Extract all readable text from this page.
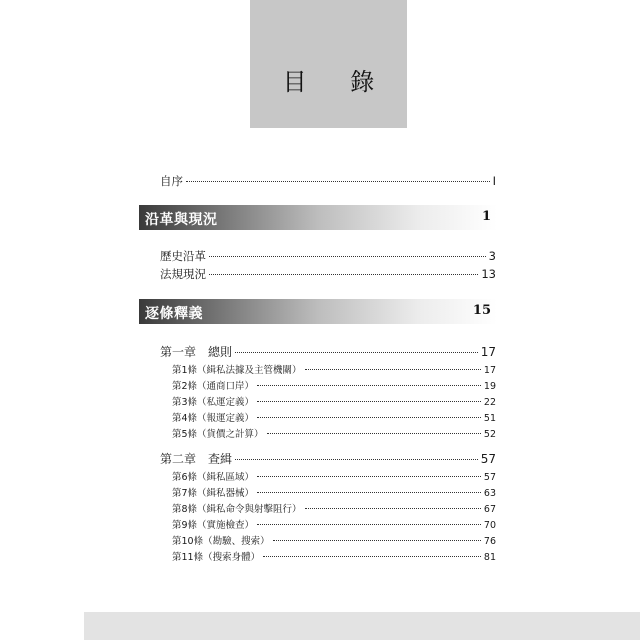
目 錄
自序	I
沿革與現況	1
歷史沿革	3
法規現況	13
逐條釋義	15
第一章　總則	17
第1條（緝私法據及主管機關）	17
第2條（通商口岸）	19
第3條（私運定義）	22
第4條（報運定義）	51
第5條（貨價之計算）	52
第二章　查緝	57
第6條（緝私區域）	57
第7條（緝私器械）	63
第8條（緝私命令與射擊阻行）	67
第9條（實施檢查）	70
第10條（勘驗、搜索）	76
第11條（搜索身體）	81
